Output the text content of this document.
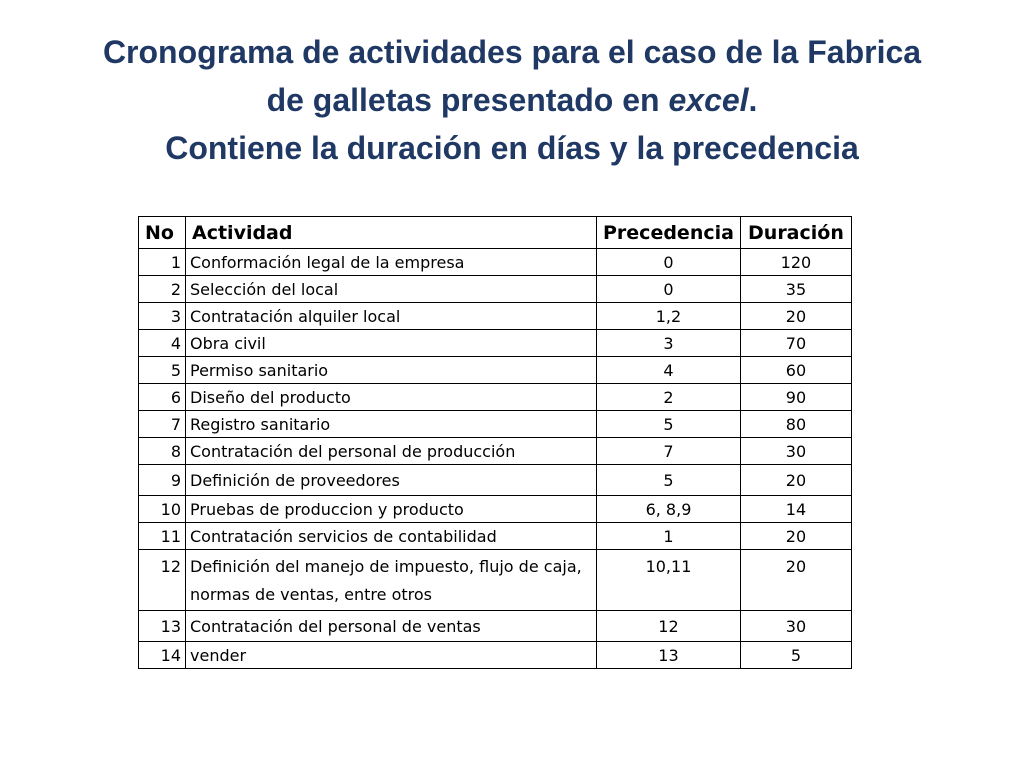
Cronograma de actividades para el caso de la Fabrica
de galletas presentado en excel.
Contiene la duración en días y la precedencia
No	Actividad	Precedencia	Duración
1	Conformación legal de la empresa	0	120
2	Selección del local	0	35
3	Contratación alquiler local	1,2	20
4	Obra civil	3	70
5	Permiso sanitario	4	60
6	Diseño del producto	2	90
7	Registro sanitario	5	80
8	Contratación del personal de producción	7	30
9	Definición de proveedores	5	20
10	Pruebas de produccion y producto	6, 8,9	14
11	Contratación servicios de contabilidad	1	20
12	Definición del manejo de impuesto, flujo de caja, normas de ventas, entre otros	10,11	20
13	Contratación del personal de ventas	12	30
14	vender	13	5
